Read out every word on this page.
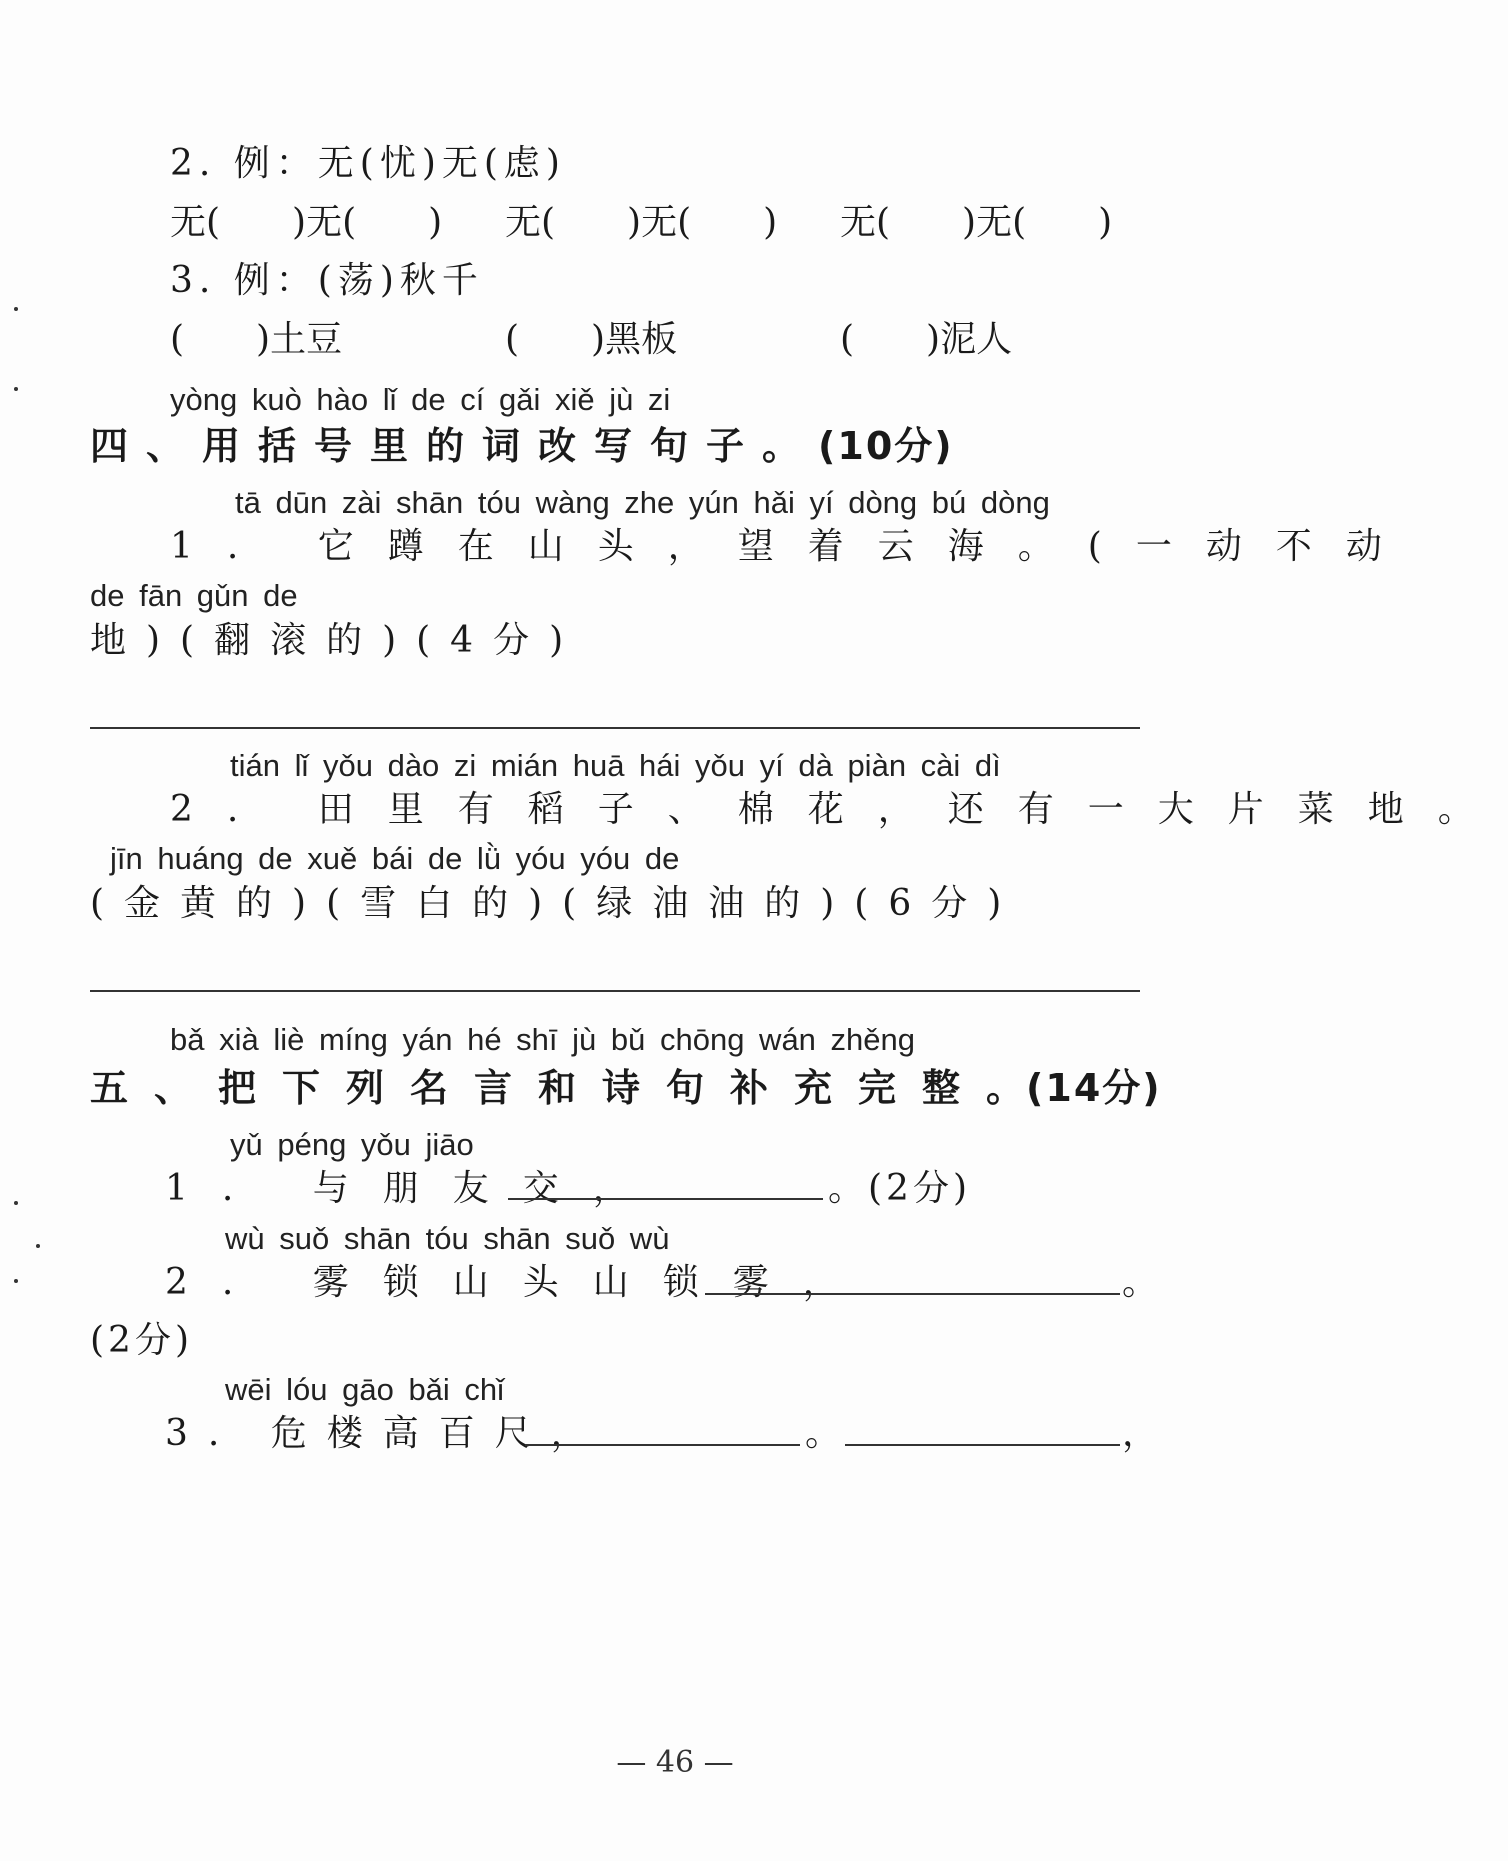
2. 例：无(忧)无(虑)
无(　　)无(　　) 无(　　)无(　　) 无(　　)无(　　)
3. 例：(荡)秋千
(　　)土豆	(　　)黑板	(　　)泥人
yòng kuò hào lǐ de cí gǎi xiě jù zi
四、用括号里的词改写句子。(10分)
tā dūn zài shān tóu wàng zhe yún hǎi yí dòng bú dòng
1. 它蹲在山头，望着云海。(一动不动
de fān gǔn de
地)(翻滚的)(4分)
tián lǐ yǒu dào zi mián huā hái yǒu yí dà piàn cài dì
2. 田里有稻子、棉花，还有一大片菜地。
jīn huáng de xuě bái de lǜ yóu yóu de
(金黄的)(雪白的)(绿油油的)(6分)
bǎ xià liè míng yán hé shī jù bǔ chōng wán zhěng
五、把下列名言和诗句补充完整。(14分)
yǔ péng yǒu jiāo
1. 与朋友交，	。(2分)
wù suǒ shān tóu shān suǒ wù
2. 雾锁山头山锁雾，	。
(2分)
wēi lóu gāo bǎi chǐ
3. 危楼高百尺，	。	，
— 46 —
